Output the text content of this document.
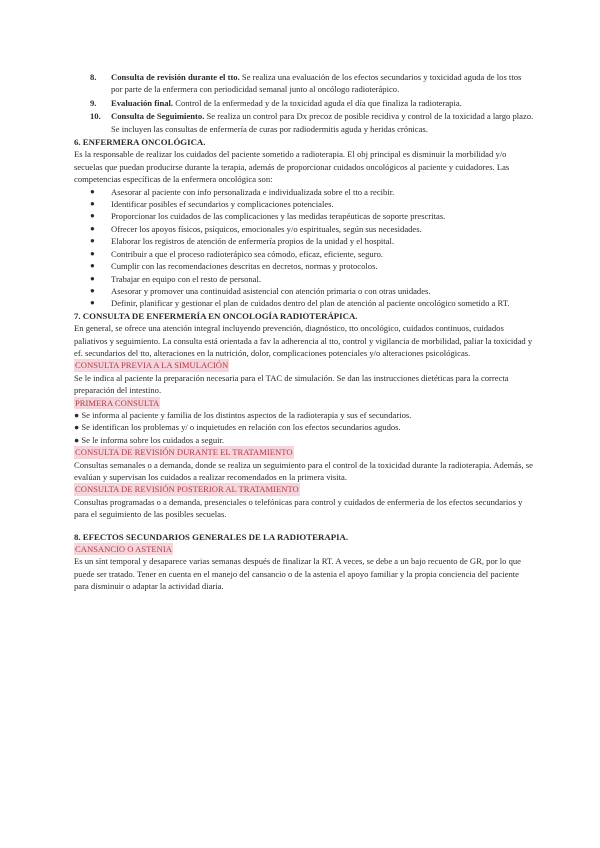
8. Consulta de revisión durante el tto. Se realiza una evaluación de los efectos secundarios y toxicidad aguda de los ttos por parte de la enfermera con periodicidad semanal junto al oncólogo radioterápico.
9. Evaluación final. Control de la enfermedad y de la toxicidad aguda el día que finaliza la radioterapia.
10. Consulta de Seguimiento. Se realiza un control para Dx precoz de posible recidiva y control de la toxicidad a largo plazo. Se incluyen las consultas de enfermería de curas por radiodermitis aguda y heridas crónicas.
6. ENFERMERA ONCOLÓGICA.

Es la responsable de realizar los cuidados del paciente sometido a radioterapia. El obj principal es disminuir la morbilidad y/o secuelas que puedan producirse durante la terapia, además de proporcionar cuidados oncológicos al paciente y cuidadores. Las competencias específicas de la enfermera oncológica son:

● Asesorar al paciente con info personalizada e individualizada sobre el tto a recibir.
● Identificar posibles ef secundarios y complicaciones potenciales.
● Proporcionar los cuidados de las complicaciones y las medidas terapéuticas de soporte prescritas.
● Ofrecer los apoyos físicos, psíquicos, emocionales y/o espirituales, según sus necesidades.
● Elaborar los registros de atención de enfermería propios de la unidad y el hospital.
● Contribuir a que el proceso radioterápico sea cómodo, eficaz, eficiente, seguro.
● Cumplir con las recomendaciones descritas en decretos, normas y protocolos.
● Trabajar en equipo con el resto de personal.
● Asesorar y promover una continuidad asistencial con atención primaria o con otras unidades.
● Definir, planificar y gestionar el plan de cuidados dentro del plan de atención al paciente oncológico sometido a RT.
7. CONSULTA DE ENFERMERÍA EN ONCOLOGÍA RADIOTERÁPICA.

En general, se ofrece una atención integral incluyendo prevención, diagnóstico, tto oncológico, cuidados continuos, cuidados paliativos y seguimiento. La consulta está orientada a fav la adherencia al tto, control y vigilancia de morbilidad, paliar la toxicidad y ef. secundarios del tto, alteraciones en la nutrición, dolor, complicaciones potenciales y/o alteraciones psicológicas.

CONSULTA PREVIA A LA SIMULACIÓN

Se le indica al paciente la preparación necesaria para el TAC de simulación. Se dan las instrucciones dietéticas para la correcta preparación del intestino.

PRIMERA CONSULTA
● Se informa al paciente y familia de los distintos aspectos de la radioterapia y sus ef secundarios.
● Se identifican los problemas y/ o inquietudes en relación con los efectos secundarios agudos.
● Se le informa sobre los cuidados a seguir.
CONSULTA DE REVISIÓN DURANTE EL TRATAMIENTO

Consultas semanales o a demanda, donde se realiza un seguimiento para el control de la toxicidad durante la radioterapia. Además, se evalúan y supervisan los cuidados a realizar recomendados en la primera visita.

CONSULTA DE REVISIÓN POSTERIOR AL TRATAMIENTO

Consultas programadas o a demanda, presenciales o telefónicas para control y cuidados de enfermería de los efectos secundarios y para el seguimiento de las posibles secuelas.

8. EFECTOS SECUNDARIOS GENERALES DE LA RADIOTERAPIA.
CANSANCIO O ASTENIA

Es un sínt temporal y desaparece varias semanas después de finalizar la RT. A veces, se debe a un bajo recuento de GR, por lo que puede ser tratado. Tener en cuenta en el manejo del cansancio o de la astenia el apoyo familiar y la propia conciencia del paciente para disminuir o adaptar la actividad diaria.
